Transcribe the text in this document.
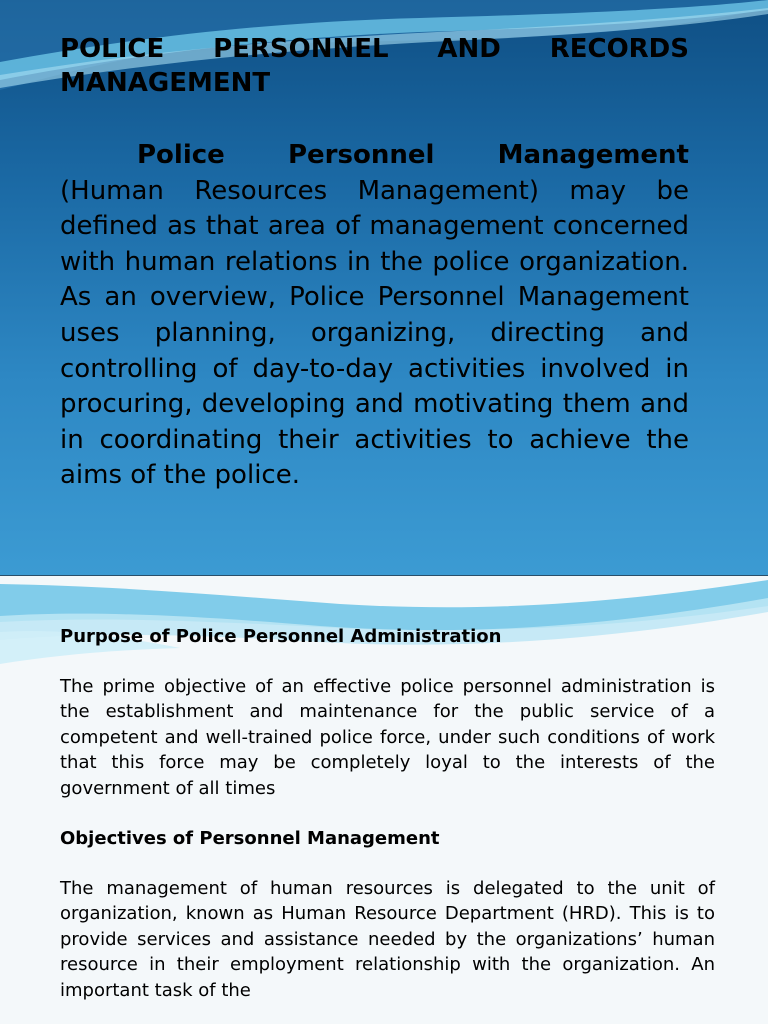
POLICE PERSONNEL AND RECORDS MANAGEMENT

Police Personnel Management (Human Resources Management) may be defined as that area of management concerned with human relations in the police organization. As an overview, Police Personnel Management uses planning, organizing, directing and controlling of day-to-day activities involved in procuring, developing and motivating them and in coordinating their activities to achieve the aims of the police.

Purpose of Police Personnel Administration

The prime objective of an effective police personnel administration is the establishment and maintenance for the public service of a competent and well-trained police force, under such conditions of work that this force may be completely loyal to the interests of the government of all times

Objectives of Personnel Management

The management of human resources is delegated to the unit of organization, known as Human Resource Department (HRD). This is to provide services and assistance needed by the organizations’ human resource in their employment relationship with the organization. An important task of the
